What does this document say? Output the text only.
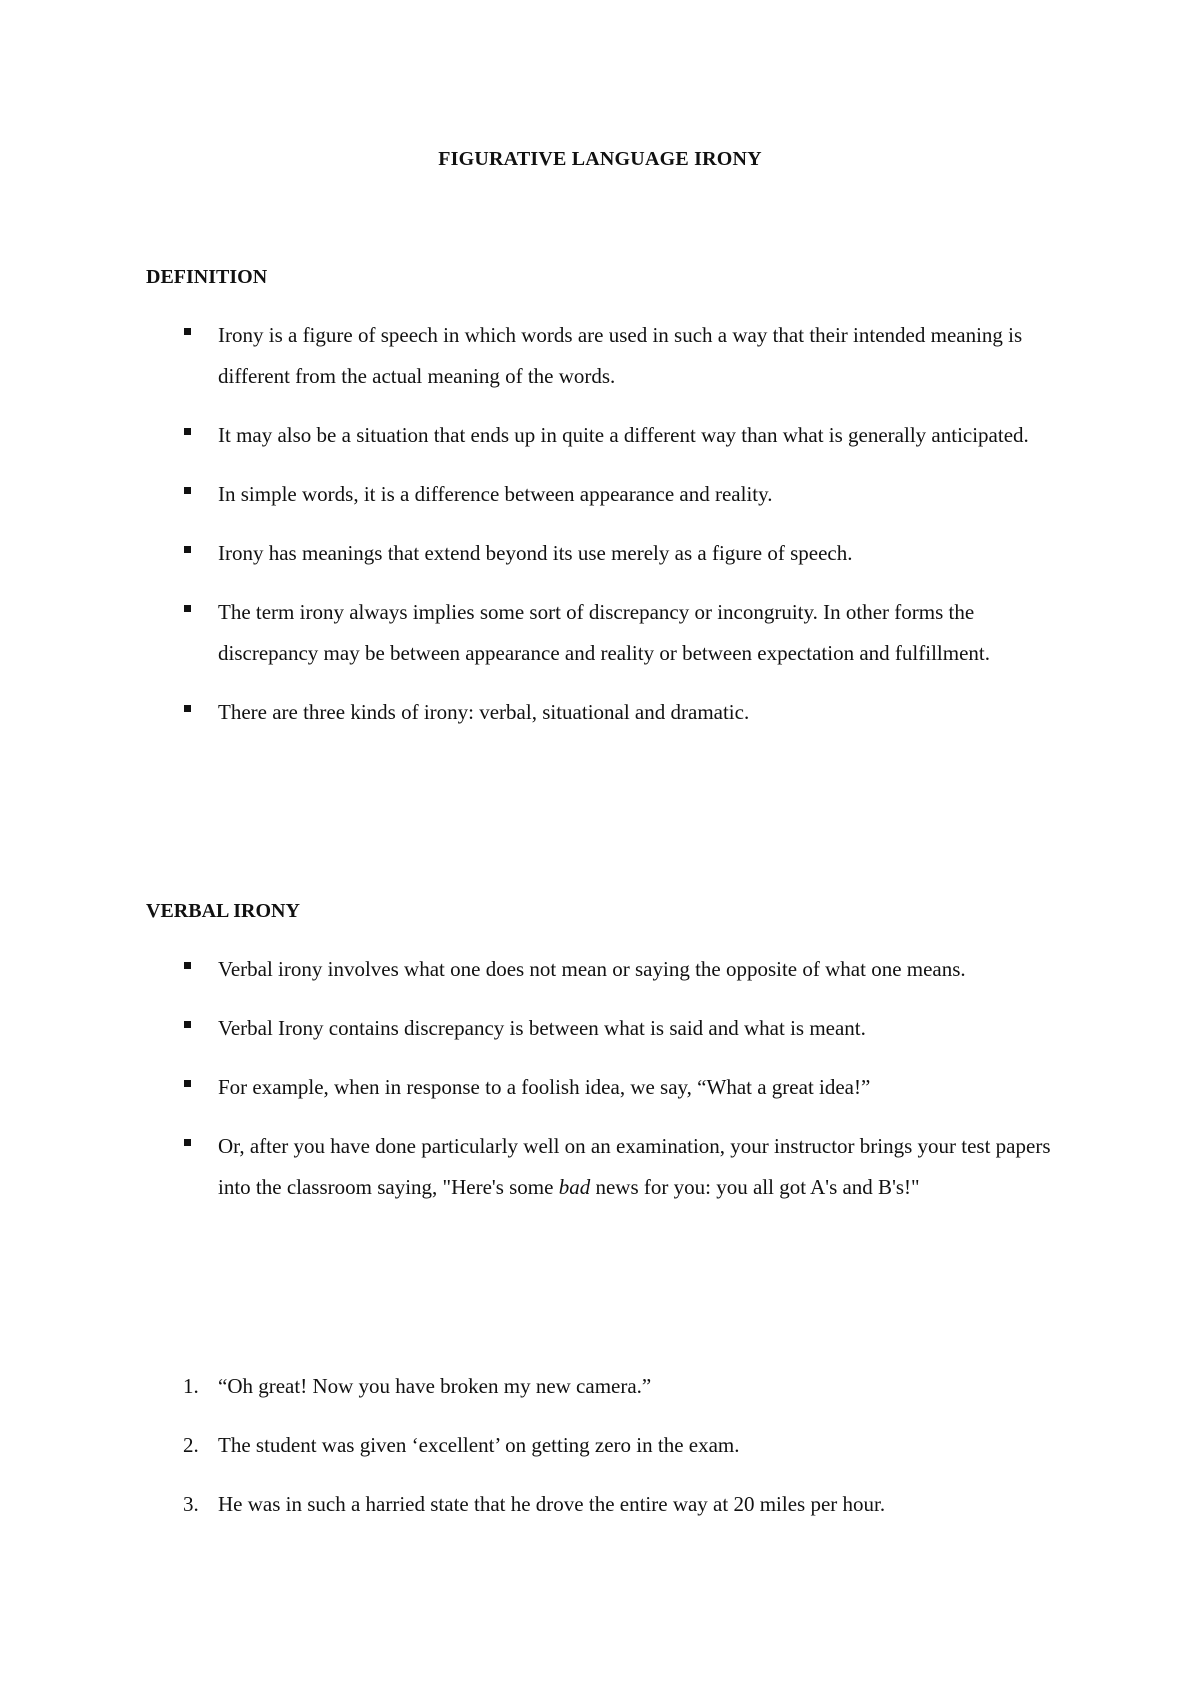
FIGURATIVE LANGUAGE IRONY
DEFINITION
Irony is a figure of speech in which words are used in such a way that their intended meaning is different from the actual meaning of the words.
It may also be a situation that ends up in quite a different way than what is generally anticipated.
In simple words, it is a difference between appearance and reality.
Irony has meanings that extend beyond its use merely as a figure of speech.
The term irony always implies some sort of discrepancy or incongruity. In other forms the discrepancy may be between appearance and reality or between expectation and fulfillment.
There are three kinds of irony: verbal, situational and dramatic.
VERBAL IRONY
Verbal irony involves what one does not mean or saying the opposite of what one means.
Verbal Irony contains discrepancy is between what is said and what is meant.
For example, when in response to a foolish idea, we say, “What a great idea!”
Or, after you have done particularly well on an examination, your instructor brings your test papers into the classroom saying, "Here's some bad news for you: you all got A's and B's!"
1. “Oh great! Now you have broken my new camera.”
2. The student was given ‘excellent’ on getting zero in the exam.
3. He was in such a harried state that he drove the entire way at 20 miles per hour.
